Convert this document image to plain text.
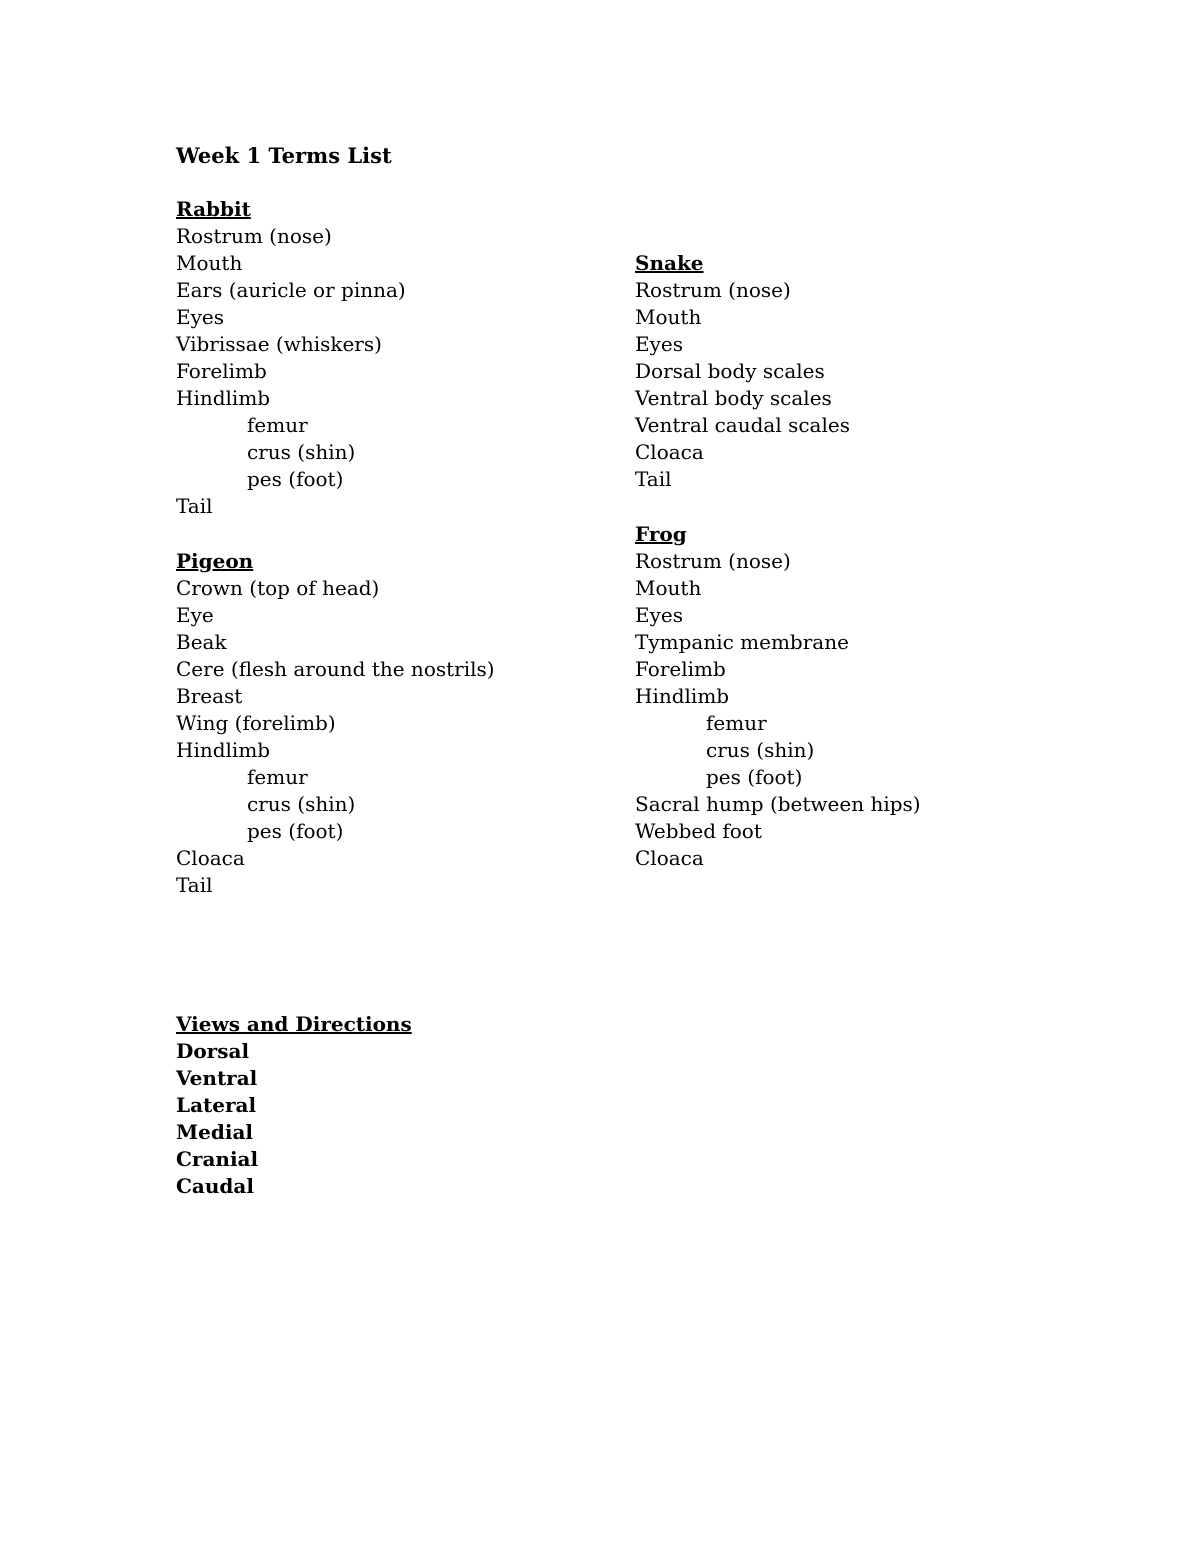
Week 1 Terms List
Rabbit
Rostrum (nose)
Mouth
Ears (auricle or pinna)
Eyes
Vibrissae (whiskers)
Forelimb
Hindlimb
femur
crus (shin)
pes (foot)
Tail
Pigeon
Crown (top of head)
Eye
Beak
Cere (flesh around the nostrils)
Breast
Wing (forelimb)
Hindlimb
femur
crus (shin)
pes (foot)
Cloaca
Tail
Snake
Rostrum (nose)
Mouth
Eyes
Dorsal body scales
Ventral body scales
Ventral caudal scales
Cloaca
Tail
Frog
Rostrum (nose)
Mouth
Eyes
Tympanic membrane
Forelimb
Hindlimb
femur
crus (shin)
pes (foot)
Sacral hump (between hips)
Webbed foot
Cloaca
Views and Directions
Dorsal
Ventral
Lateral
Medial
Cranial
Caudal
